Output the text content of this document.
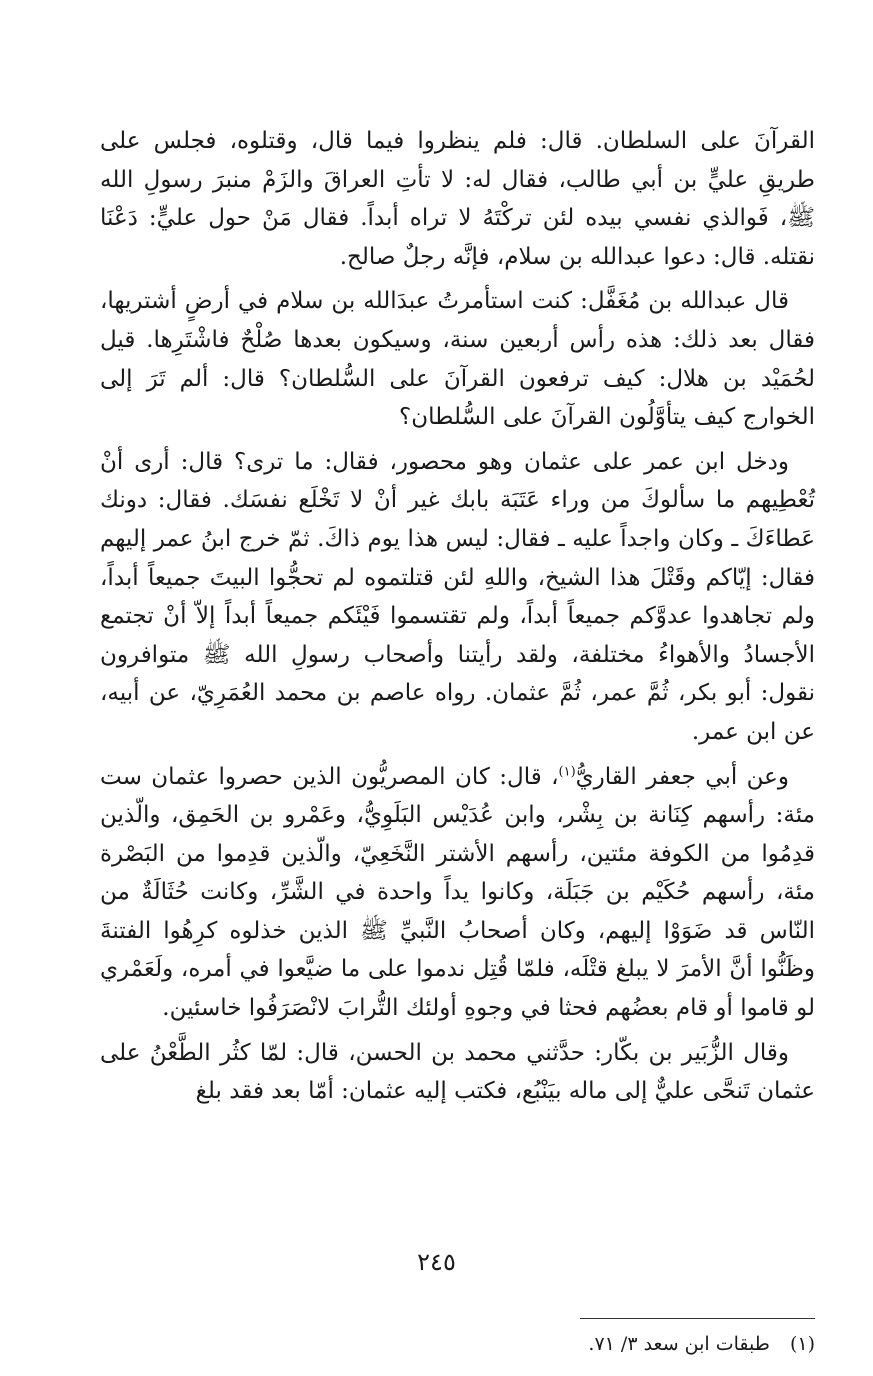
القرآنَ على السلطان. قال: فلم ينظروا فيما قال، وقتلوه، فجلس على طريقِ عليٍّ بن أبي طالب، فقال له: لا تأتِ العراقَ والزَمْ منبرَ رسولِ الله ﷺ، فَوالذي نفسي بيده لئن تركْتَهُ لا تراه أبداً. فقال مَنْ حول عليٍّ: دَعْنَا نقتله. قال: دعوا عبدالله بن سلام، فإنَّه رجلٌ صالح.

قال عبدالله بن مُغَفَّل: كنت استأمرتُ عبدَالله بن سلام في أرضٍ أشتريها، فقال بعد ذلك: هذه رأس أربعين سنة، وسيكون بعدها صُلْحٌ فاشْتَرِها. قيل لحُمَيْد بن هلال: كيف ترفعون القرآنَ على السُّلطان؟ قال: ألم تَرَ إلى الخوارج كيف يتأوَّلُون القرآنَ على السُّلطان؟

ودخل ابن عمر على عثمان وهو محصور، فقال: ما ترى؟ قال: أرى أنْ تُعْطِيهم ما سألوكَ من وراء عَتَبَة بابك غير أنْ لا تَخْلَع نفسَك. فقال: دونك عَطاءَكَ ـ وكان واجداً عليه ـ فقال: ليس هذا يوم ذاكَ. ثمّ خرج ابنُ عمر إليهم فقال: إيّاكم وقَتْلَ هذا الشيخ، واللهِ لئن قتلتموه لم تحجُّوا البيتَ جميعاً أبداً، ولم تجاهدوا عدوَّكم جميعاً أبداً، ولم تقتسموا فَيْئَكم جميعاً أبداً إلاّ أنْ تجتمع الأجسادُ والأهواءُ مختلفة، ولقد رأيتنا وأصحاب رسولِ الله ﷺ متوافرون نقول: أبو بكر، ثُمَّ عمر، ثُمَّ عثمان. رواه عاصم بن محمد العُمَرِيّ، عن أبيه، عن ابن عمر.

وعن أبي جعفر القاريُّ$^{(١)}$، قال: كان المصريُّون الذين حصروا عثمان ست مئة: رأسهم كِنَانة بن بِشْر، وابن عُدَيْس البَلَوِيُّ، وعَمْرو بن الحَمِق، والّذين قدِمُوا من الكوفة مئتين، رأسهم الأشتر النَّخَعِيّ، والّذين قدِموا من البَصْرة مئة، رأسهم حُكَيْم بن جَبَلَة، وكانوا يداً واحدة في الشَّرِّ، وكانت حُثَالَةٌ من النّاس قد ضَوَوْا إليهم، وكان أصحابُ النَّبيِّ ﷺ الذين خذلوه كرِهُوا الفتنةَ وظَنُّوا أنَّ الأمرَ لا يبلغ قتْلَه، فلمّا قُتِل ندموا على ما ضيَّعوا في أمره، ولَعَمْري لو قاموا أو قام بعضُهم فحثا في وجوهِ أولئك التُّرابَ لانْصَرَفُوا خاسئين.

وقال الزُّبَير بن بكّار: حدَّثني محمد بن الحسن، قال: لمّا كثُر الطَّعْنُ على عثمان تَنحَّى عليٌّ إلى ماله بيَنْبُع، فكتب إليه عثمان: أمّا بعد فقد بلغ

٢٤٥
(١) طبقات ابن سعد ٣/ ٧١.
